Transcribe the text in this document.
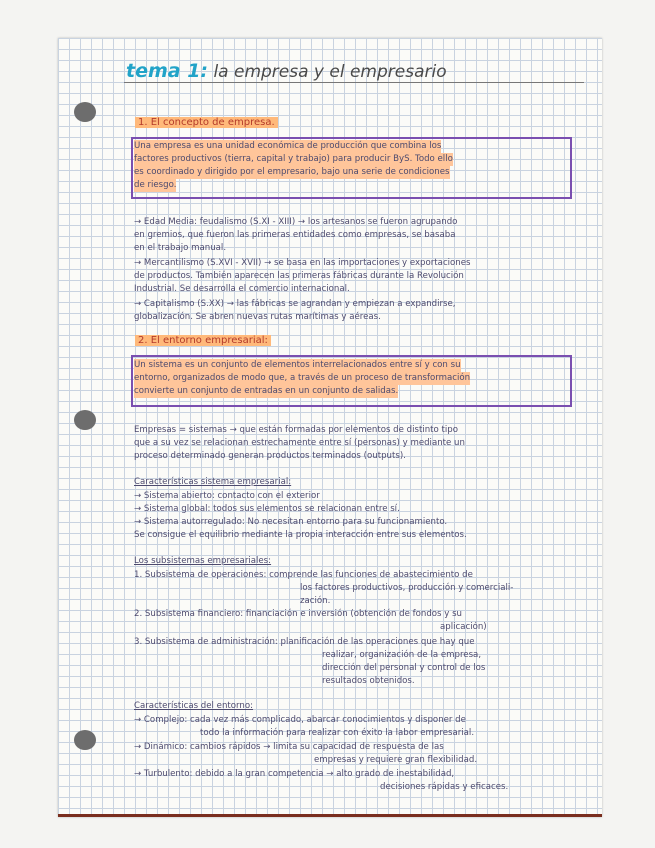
tema 1: la empresa y el empresario
1. El concepto de empresa.
Una empresa es una unidad económica de producción que combina los
factores productivos (tierra, capital y trabajo) para producir ByS. Todo ello
es coordinado y dirigido por el empresario, bajo una serie de condiciones
de riesgo.
→ Edad Media: feudalismo (S.XI - XIII) → los artesanos se fueron agrupando
en gremios, que fueron las primeras entidades como empresas, se basaba
en el trabajo manual.
→ Mercantilismo (S.XVI - XVII) → se basa en las importaciones y exportaciones
de productos. También aparecen las primeras fábricas durante la Revolución
Industrial. Se desarrolla el comercio internacional.
→ Capitalismo (S.XX) → las fábricas se agrandan y empiezan a expandirse,
globalización. Se abren nuevas rutas marítimas y aéreas.
2. El entorno empresarial:
Un sistema es un conjunto de elementos interrelacionados entre sí y con su
entorno, organizados de modo que, a través de un proceso de transformación
convierte un conjunto de entradas en un conjunto de salidas.
Empresas = sistemas → que están formadas por elementos de distinto tipo
que a su vez se relacionan estrechamente entre sí (personas) y mediante un
proceso determinado generan productos terminados (outputs).
Características sistema empresarial:
→ Sistema abierto: contacto con el exterior
→ Sistema global: todos sus elementos se relacionan entre sí.
→ Sistema autorregulado: No necesitan entorno para su funcionamiento.
Se consigue el equilibrio mediante la propia interacción entre sus elementos.
Los subsistemas empresariales:
1. Subsistema de operaciones: comprende las funciones de abastecimiento de
los factores productivos, producción y comerciali-
zación.
2. Subsistema financiero: financiación e inversión (obtención de fondos y su
aplicación)
3. Subsistema de administración: planificación de las operaciones que hay que
realizar, organización de la empresa,
dirección del personal y control de los
resultados obtenidos.
Características del entorno:
→ Complejo: cada vez más complicado, abarcar conocimientos y disponer de
todo la información para realizar con éxito la labor empresarial.
→ Dinámico: cambios rápidos → limita su capacidad de respuesta de las
empresas y requiere gran flexibilidad.
→ Turbulento: debido a la gran competencia → alto grado de inestabilidad,
decisiones rápidas y eficaces.
